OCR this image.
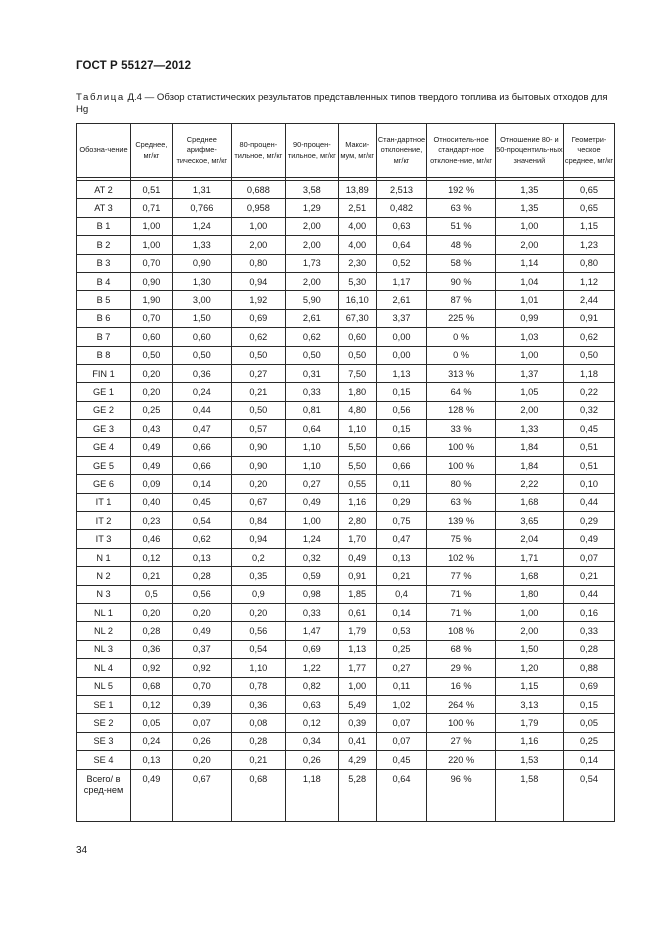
ГОСТ Р 55127—2012
Таблица Д.4 — Обзор статистических результатов представленных типов твердого топлива из бытовых отходов для Hg
Обозна-чение	Среднее, мг/кг	Среднее арифме-тическое, мг/кг	80-процен-тильное, мг/кг	90-процен-тильное, мг/кг	Макси-мум, мг/кг	Стан-дартное отклонение, мг/кг	Относитель-ное стандарт-ное отклоне-ние, мг/кг	Отношение 80- и 50-процентиль-ных значений	Геометри-ческое среднее, мг/кг

AT 2	0,51	1,31	0,688	3,58	13,89	2,513	192 %	1,35	0,65
AT 3	0,71	0,766	0,958	1,29	2,51	0,482	63 %	1,35	0,65
B 1	1,00	1,24	1,00	2,00	4,00	0,63	51 %	1,00	1,15
B 2	1,00	1,33	2,00	2,00	4,00	0,64	48 %	2,00	1,23
B 3	0,70	0,90	0,80	1,73	2,30	0,52	58 %	1,14	0,80
B 4	0,90	1,30	0,94	2,00	5,30	1,17	90 %	1,04	1,12
B 5	1,90	3,00	1,92	5,90	16,10	2,61	87 %	1,01	2,44
B 6	0,70	1,50	0,69	2,61	67,30	3,37	225 %	0,99	0,91
B 7	0,60	0,60	0,62	0,62	0,60	0,00	0 %	1,03	0,62
B 8	0,50	0,50	0,50	0,50	0,50	0,00	0 %	1,00	0,50
FIN 1	0,20	0,36	0,27	0,31	7,50	1,13	313 %	1,37	1,18
GE 1	0,20	0,24	0,21	0,33	1,80	0,15	64 %	1,05	0,22
GE 2	0,25	0,44	0,50	0,81	4,80	0,56	128 %	2,00	0,32
GE 3	0,43	0,47	0,57	0,64	1,10	0,15	33 %	1,33	0,45
GE 4	0,49	0,66	0,90	1,10	5,50	0,66	100 %	1,84	0,51
GE 5	0,49	0,66	0,90	1,10	5,50	0,66	100 %	1,84	0,51
GE 6	0,09	0,14	0,20	0,27	0,55	0,11	80 %	2,22	0,10
IT 1	0,40	0,45	0,67	0,49	1,16	0,29	63 %	1,68	0,44
IT 2	0,23	0,54	0,84	1,00	2,80	0,75	139 %	3,65	0,29
IT 3	0,46	0,62	0,94	1,24	1,70	0,47	75 %	2,04	0,49
N 1	0,12	0,13	0,2	0,32	0,49	0,13	102 %	1,71	0,07
N 2	0,21	0,28	0,35	0,59	0,91	0,21	77 %	1,68	0,21
N 3	0,5	0,56	0,9	0,98	1,85	0,4	71 %	1,80	0,44
NL 1	0,20	0,20	0,20	0,33	0,61	0,14	71 %	1,00	0,16
NL 2	0,28	0,49	0,56	1,47	1,79	0,53	108 %	2,00	0,33
NL 3	0,36	0,37	0,54	0,69	1,13	0,25	68 %	1,50	0,28
NL 4	0,92	0,92	1,10	1,22	1,77	0,27	29 %	1,20	0,88
NL 5	0,68	0,70	0,78	0,82	1,00	0,11	16 %	1,15	0,69
SE 1	0,12	0,39	0,36	0,63	5,49	1,02	264 %	3,13	0,15
SE 2	0,05	0,07	0,08	0,12	0,39	0,07	100 %	1,79	0,05
SE 3	0,24	0,26	0,28	0,34	0,41	0,07	27 %	1,16	0,25
SE 4	0,13	0,20	0,21	0,26	4,29	0,45	220 %	1,53	0,14
Всего/ в сред-нем	0,49	0,67	0,68	1,18	5,28	0,64	96 %	1,58	0,54
34
